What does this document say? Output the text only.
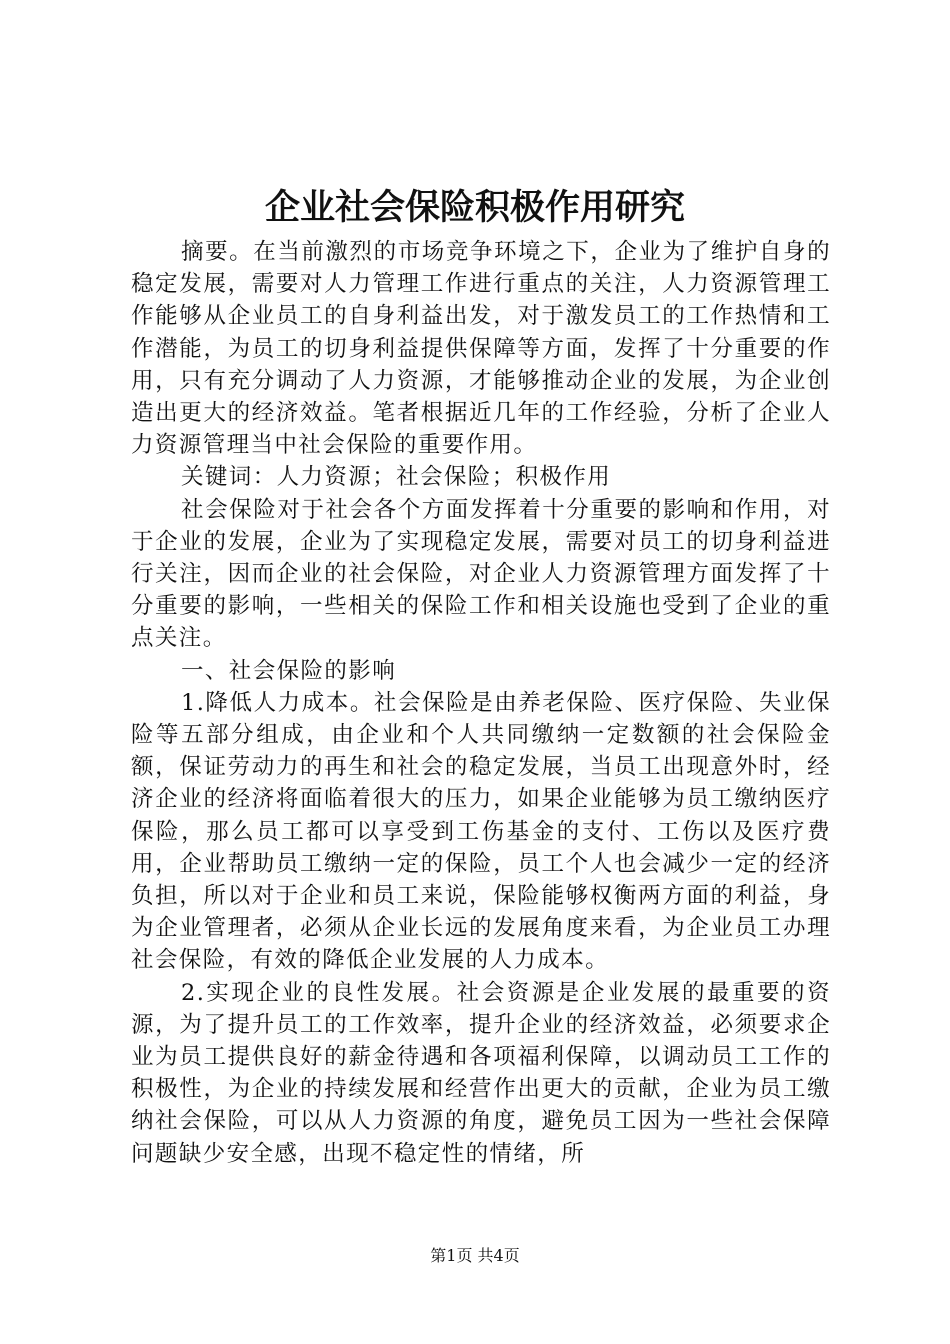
企业社会保险积极作用研究

摘要。在当前激烈的市场竞争环境之下，企业为了维护自身的稳定发展，需要对人力管理工作进行重点的关注，人力资源管理工作能够从企业员工的自身利益出发，对于激发员工的工作热情和工作潜能，为员工的切身利益提供保障等方面，发挥了十分重要的作用，只有充分调动了人力资源，才能够推动企业的发展，为企业创造出更大的经济效益。笔者根据近几年的工作经验，分析了企业人力资源管理当中社会保险的重要作用。

关键词：人力资源；社会保险；积极作用

社会保险对于社会各个方面发挥着十分重要的影响和作用，对于企业的发展，企业为了实现稳定发展，需要对员工的切身利益进行关注，因而企业的社会保险，对企业人力资源管理方面发挥了十分重要的影响，一些相关的保险工作和相关设施也受到了企业的重点关注。

一、社会保险的影响

1.降低人力成本。社会保险是由养老保险、医疗保险、失业保险等五部分组成，由企业和个人共同缴纳一定数额的社会保险金额，保证劳动力的再生和社会的稳定发展，当员工出现意外时，经济企业的经济将面临着很大的压力，如果企业能够为员工缴纳医疗保险，那么员工都可以享受到工伤基金的支付、工伤以及医疗费用，企业帮助员工缴纳一定的保险，员工个人也会减少一定的经济负担，所以对于企业和员工来说，保险能够权衡两方面的利益，身为企业管理者，必须从企业长远的发展角度来看，为企业员工办理社会保险，有效的降低企业发展的人力成本。

2.实现企业的良性发展。社会资源是企业发展的最重要的资源，为了提升员工的工作效率，提升企业的经济效益，必须要求企业为员工提供良好的薪金待遇和各项福利保障，以调动员工工作的积极性，为企业的持续发展和经营作出更大的贡献，企业为员工缴纳社会保险，可以从人力资源的角度，避免员工因为一些社会保障问题缺少安全感，出现不稳定性的情绪，所

第1页 共4页
